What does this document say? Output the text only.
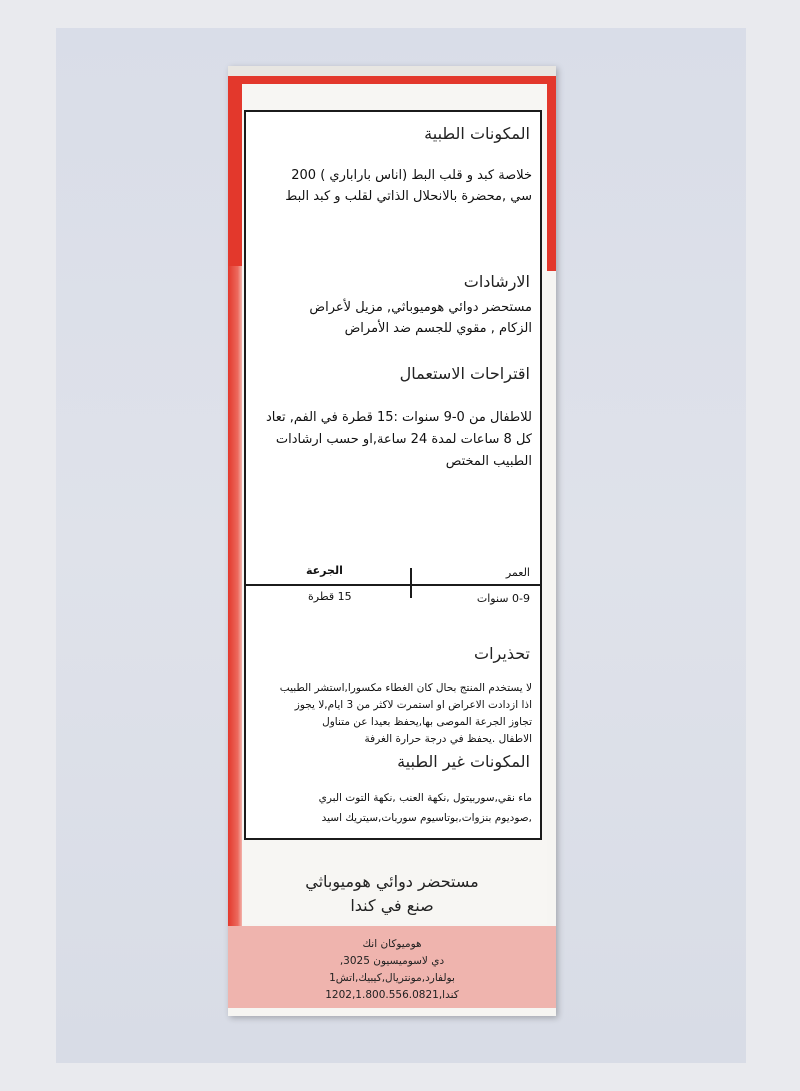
المكونات الطبية
خلاصة كبد و قلب البط (اناس باراباري ) 200
سي ,محضرة بالانحلال الذاتي لقلب و كبد البط
الارشادات
مستحضر دوائي هوميوباثي, مزيل لأعراض
الزكام , مقوي للجسم ضد الأمراض
اقتراحات الاستعمال
للاطفال من 0-9 سنوات :15 قطرة في الفم, تعاد
كل 8 ساعات لمدة 24 ساعة,او حسب ارشادات
الطبيب المختص
العمر
الجرعة
0-9 سنوات
15 قطرة
تحذيرات
لا يستخدم المنتج بحال كان الغطاء مكسورا,استشر الطبيب
اذا ازدادت الاعراض او استمرت لاكثر من 3 ايام,لا يجوز
تجاوز الجرعة الموصى بها,يحفظ بعيدا عن متناول
الاطفال .يحفظ في درجة حرارة الغرفة
المكونات غير الطبية
ماء نقي,سوربيتول ,نكهة العنب ,نكهة التوت البري
,صوديوم بنزوات,بوتاسيوم سوربات,سيتريك اسيد
مستحضر دوائي هوميوباثي
صنع في كندا
هوميوكان انك
دي لاسوميسيون 3025,
بولفارد,مونتريال,كيبيك,اتش1
كندا,1202,1.800.556.0821
